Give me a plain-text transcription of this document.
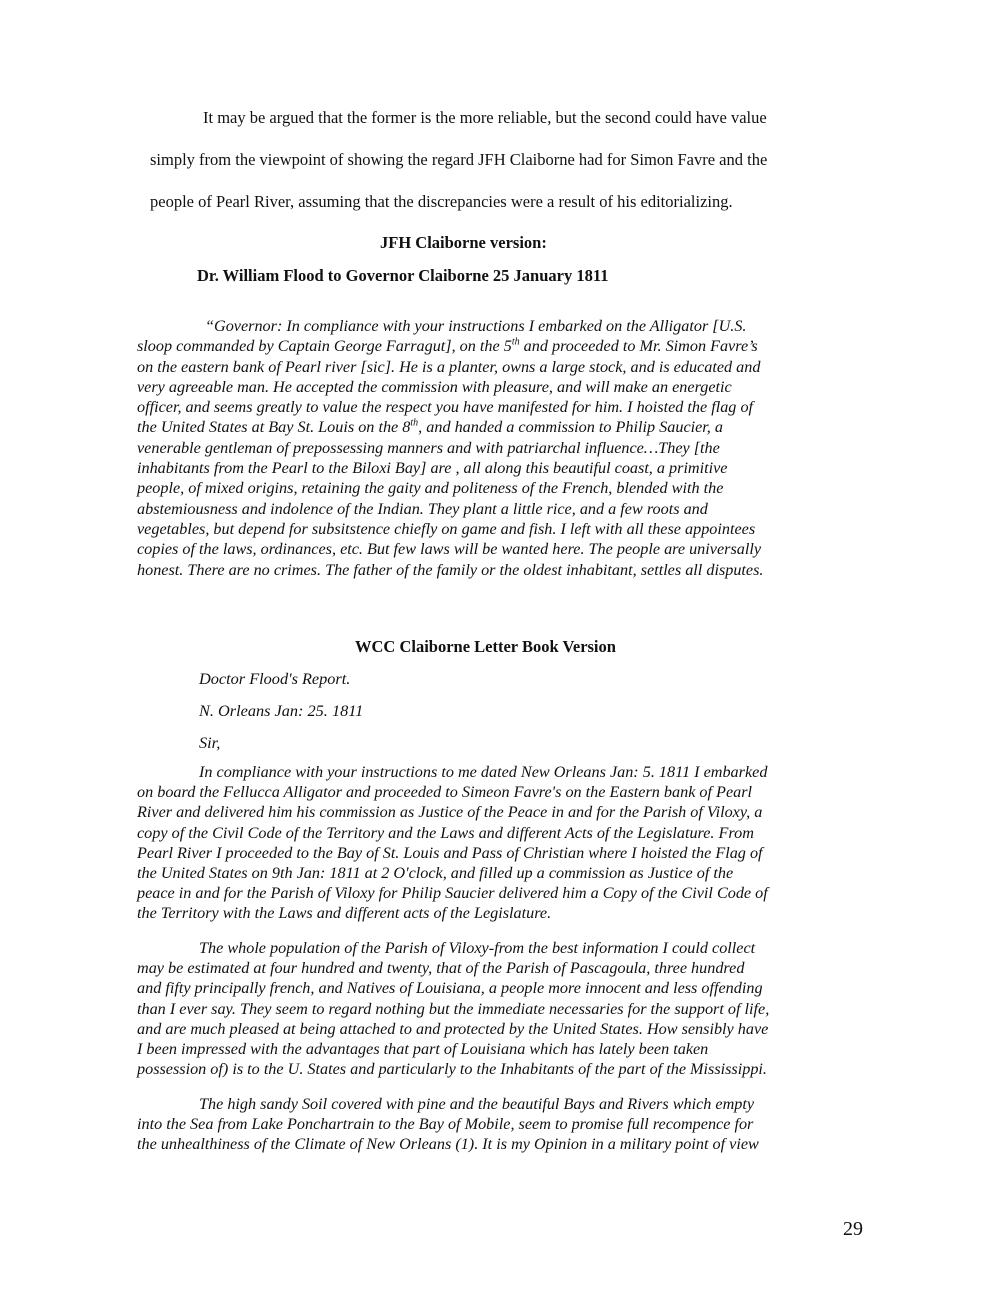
It may be argued that the former is the more reliable, but the second could have value

simply from the viewpoint of showing the regard JFH Claiborne had for Simon Favre and the

people of Pearl River, assuming that the discrepancies were a result of his editorializing.

JFH Claiborne version:
Dr. William Flood to Governor Claiborne 25 January 1811
“Governor: In compliance with your instructions I embarked on the Alligator [U.S.
sloop commanded by Captain George Farragut], on the 5th and proceeded to Mr. Simon Favre’s
on the eastern bank of Pearl river [sic]. He is a planter, owns a large stock, and is educated and
very agreeable man. He accepted the commission with pleasure, and will make an energetic
officer, and seems greatly to value the respect you have manifested for him. I hoisted the flag of
the United States at Bay St. Louis on the 8th, and handed a commission to Philip Saucier, a
venerable gentleman of prepossessing manners and with patriarchal influence…They [the
inhabitants from the Pearl to the Biloxi Bay] are , all along this beautiful coast, a primitive
people, of mixed origins, retaining the gaity and politeness of the French, blended with the
abstemiousness and indolence of the Indian. They plant a little rice, and a few roots and
vegetables, but depend for subsitstence chiefly on game and fish. I left with all these appointees
copies of the laws, ordinances, etc. But few laws will be wanted here. The people are universally
honest. There are no crimes. The father of the family or the oldest inhabitant, settles all disputes.
WCC Claiborne Letter Book Version
Doctor Flood's Report.
N. Orleans Jan: 25. 1811
Sir,
In compliance with your instructions to me dated New Orleans Jan: 5. 1811 I embarked
on board the Fellucca Alligator and proceeded to Simeon Favre's on the Eastern bank of Pearl
River and delivered him his commission as Justice of the Peace in and for the Parish of Viloxy, a
copy of the Civil Code of the Territory and the Laws and different Acts of the Legislature. From
Pearl River I proceeded to the Bay of St. Louis and Pass of Christian where I hoisted the Flag of
the United States on 9th Jan: 1811 at 2 O'clock, and filled up a commission as Justice of the
peace in and for the Parish of Viloxy for Philip Saucier delivered him a Copy of the Civil Code of
the Territory with the Laws and different acts of the Legislature.
The whole population of the Parish of Viloxy-from the best information I could collect
may be estimated at four hundred and twenty, that of the Parish of Pascagoula, three hundred
and fifty principally french, and Natives of Louisiana, a people more innocent and less offending
than I ever say. They seem to regard nothing but the immediate necessaries for the support of life,
and are much pleased at being attached to and protected by the United States. How sensibly have
I been impressed with the advantages that part of Louisiana which has lately been taken
possession of) is to the U. States and particularly to the Inhabitants of the part of the Mississippi.
The high sandy Soil covered with pine and the beautiful Bays and Rivers which empty
into the Sea from Lake Ponchartrain to the Bay of Mobile, seem to promise full recompence for
the unhealthiness of the Climate of New Orleans (1). It is my Opinion in a military point of view
29
